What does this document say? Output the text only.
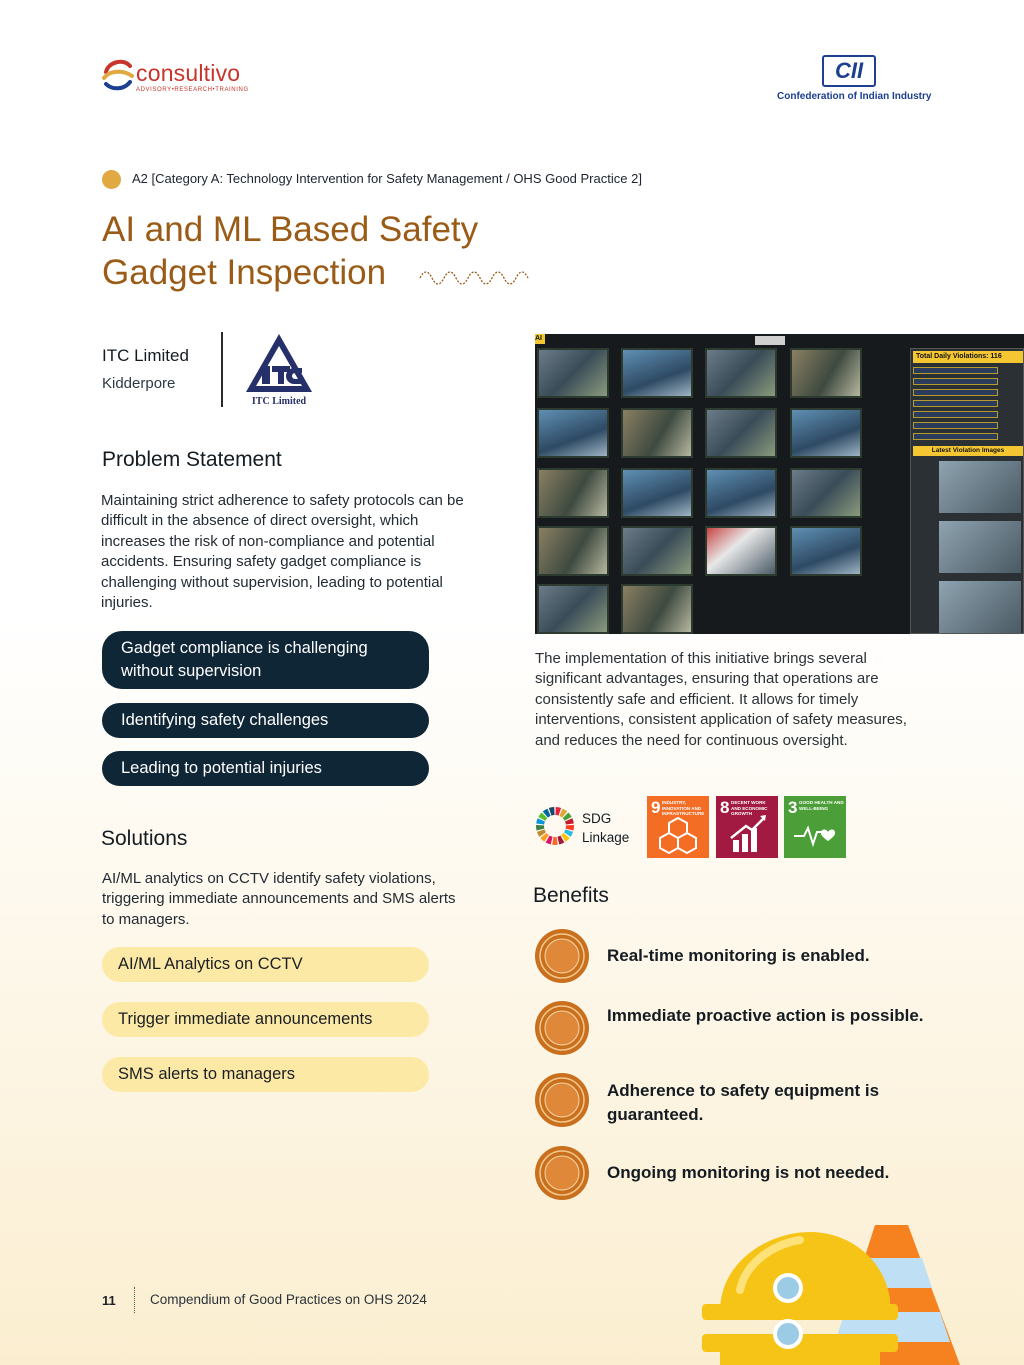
consultivo
ADVISORY•RESEARCH•TRAINING
CII
Confederation of Indian Industry
A2 [Category A: Technology Intervention for Safety Management / OHS Good Practice 2]
AI and ML Based Safety
Gadget Inspection
ITC Limited
Kidderpore
ITC Limited
Problem Statement
Maintaining strict adherence to safety protocols can be difficult in the absence of direct oversight, which increases the risk of non-compliance and potential accidents. Ensuring safety gadget compliance is challenging without supervision, leading to potential injuries.
Gadget compliance is challenging without supervision
Identifying safety challenges
Leading to potential injuries
Solutions
AI/ML analytics on CCTV identify safety violations, triggering immediate announcements and SMS alerts to managers.
AI/ML Analytics on CCTV
Trigger immediate announcements
SMS alerts to managers
AI
Total Daily Violations: 116
Latest Violation Images
The implementation of this initiative brings several significant advantages, ensuring that operations are consistently safe and efficient. It allows for timely interventions, consistent application of safety measures, and reduces the need for continuous oversight.
SDG
Linkage
9 INDUSTRY, INNOVATION AND INFRASTRUCTURE 8 DECENT WORK AND ECONOMIC GROWTH	3 GOOD HEALTH AND WELL-BEING
Benefits
Real-time monitoring is enabled.
Immediate proactive action is possible.
Adherence to safety equipment is guaranteed.
Ongoing monitoring is not needed.
11	Compendium of Good Practices on OHS 2024
